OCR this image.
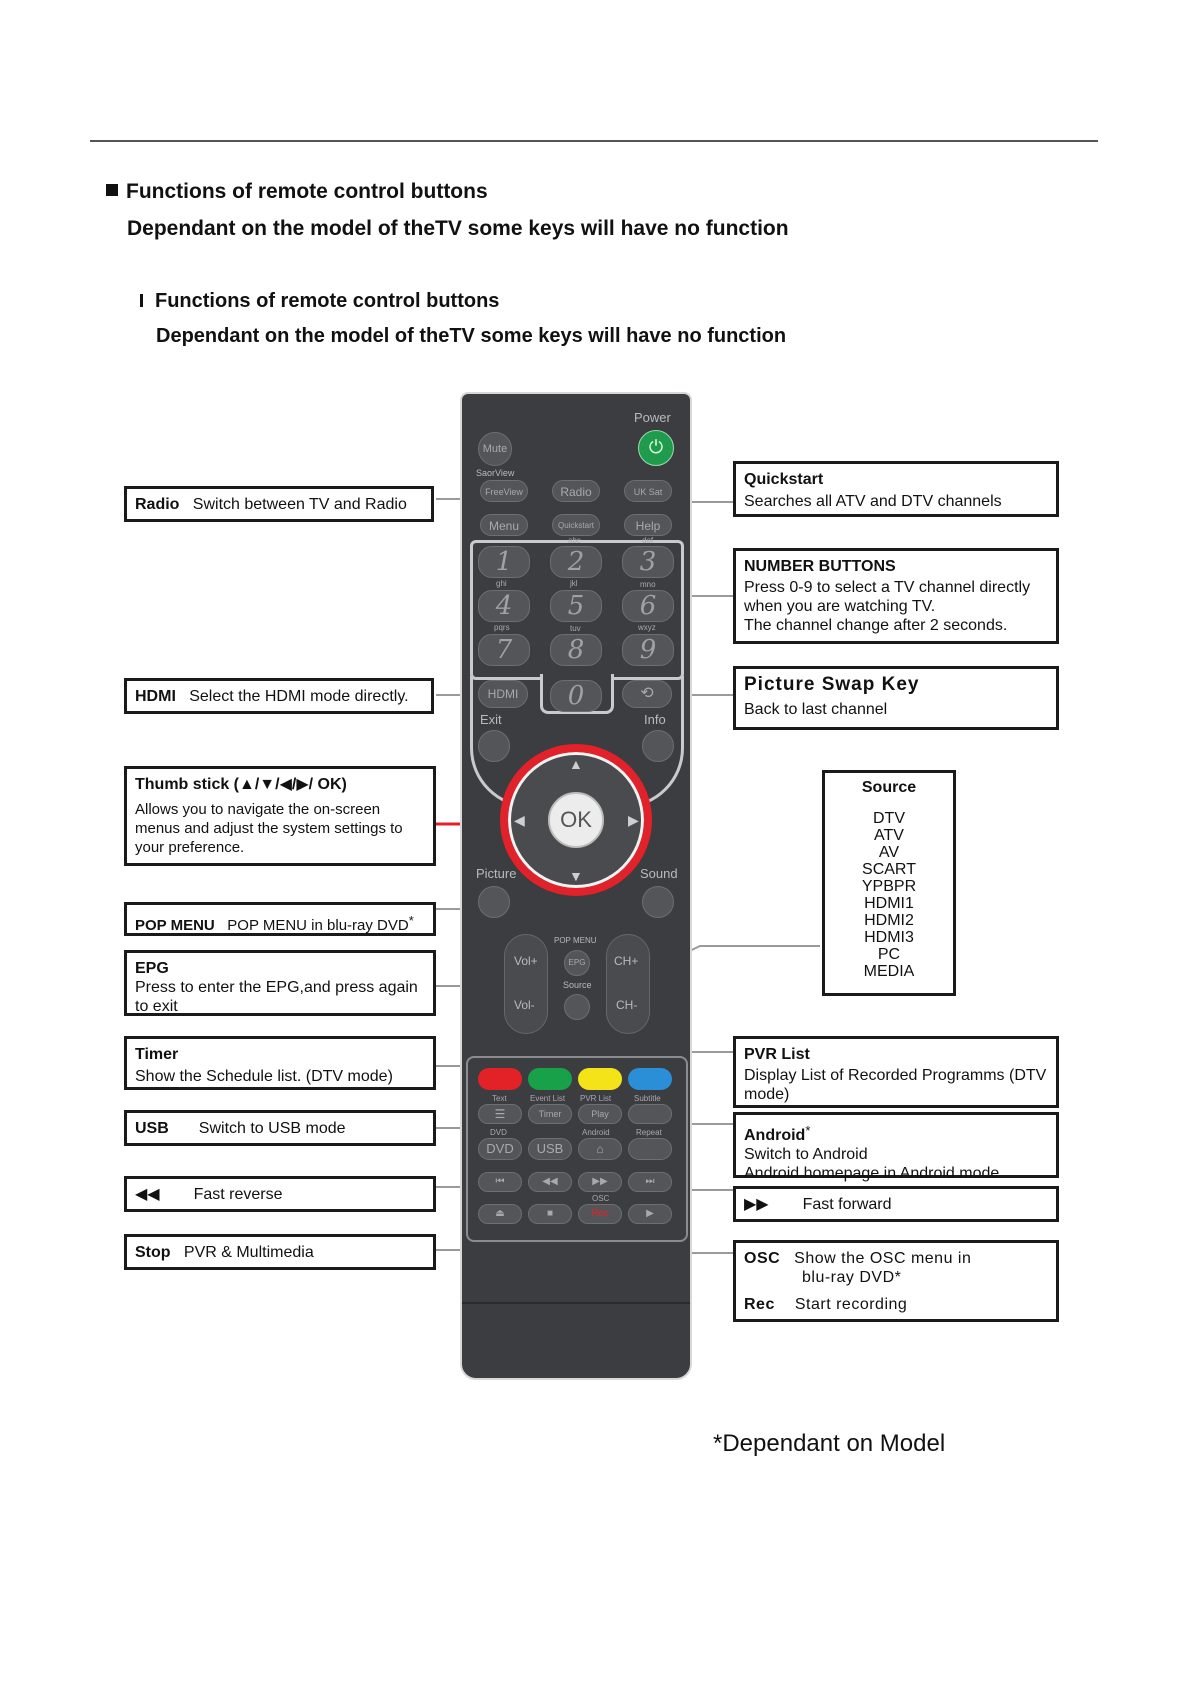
Functions of remote control buttons
Dependant on the model of theTV some keys will have no function
Functions of remote control buttons
Dependant on the model of theTV some keys will have no function
Power
⏻
Mute
SaorView
FreeView	Radio	UK Sat
Menu	Quickstart	Help
abc	def
1	2	3
ghi	jkl	mno
4	5	6
pqrs	tuv	wxyz
7	8	9
HDMI	0	⟲
Exit	Info
OK
▲
▼
◀	▶
Picture	Sound
POP MENU
Vol+
Vol-
CH+
CH-
EPG
Source
Text	Event List PVR List	Subtitle
☰	Timer	Play
DVD	Android	Repeat
DVD	USB	⌂
⏮	◀◀	▶▶	⏭
OSC
⏏	■	Rec	▶
Radio Switch between TV and Radio
HDMI Select the HDMI mode directly.
Thumb stick (▲/▼/◀/▶/ OK)
Allows you to navigate the on-screen menus and adjust the system settings to your preference.
POP MENU POP MENU in blu-ray DVD*
EPG
Press to enter the EPG,and press again to exit
Timer
Show the Schedule list. (DTV mode)
USB Switch to USB mode
◀◀ Fast reverse
Stop PVR & Multimedia
Quickstart
Searches all ATV and DTV channels
NUMBER BUTTONS
Press 0-9 to select a TV channel directly when you are watching TV.
The channel change after 2 seconds.
Picture Swap Key
Back to last channel
Source
DTV
ATV
AV
SCART
YPBPR
HDMI1
HDMI2
HDMI3
PC
MEDIA
PVR List
Display List of Recorded Programms (DTV mode)
Android*
Switch to Android
Android homepage in Android mode
▶▶ Fast forward
OSC Show the OSC menu in
blu-ray DVD*
Rec Start recording
*Dependant on Model
